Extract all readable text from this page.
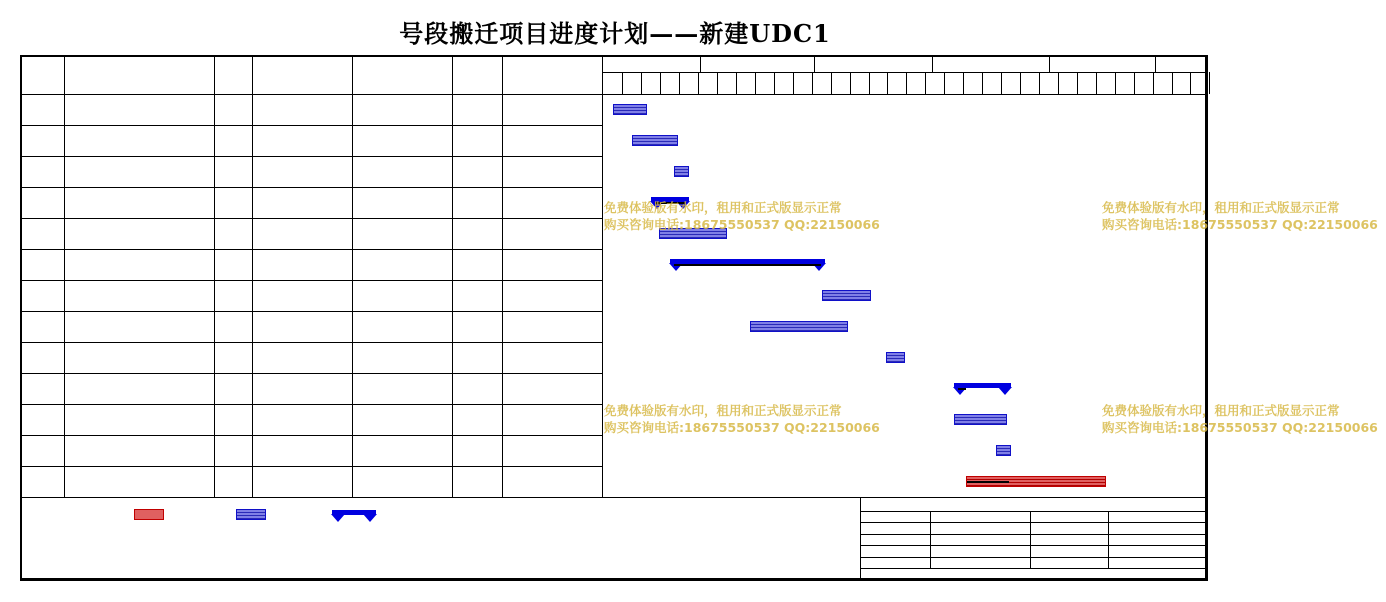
号段搬迁项目进度计划——新建UDC1
免费体验版有水印，租用和正式版显示正常
购买咨询电话:18675550537 QQ:22150066
免费体验版有水印，租用和正式版显示正常
购买咨询电话:18675550537 QQ:22150066
免费体验版有水印，租用和正式版显示正常
购买咨询电话:18675550537 QQ:22150066
免费体验版有水印，租用和正式版显示正常
购买咨询电话:18675550537 QQ:22150066
